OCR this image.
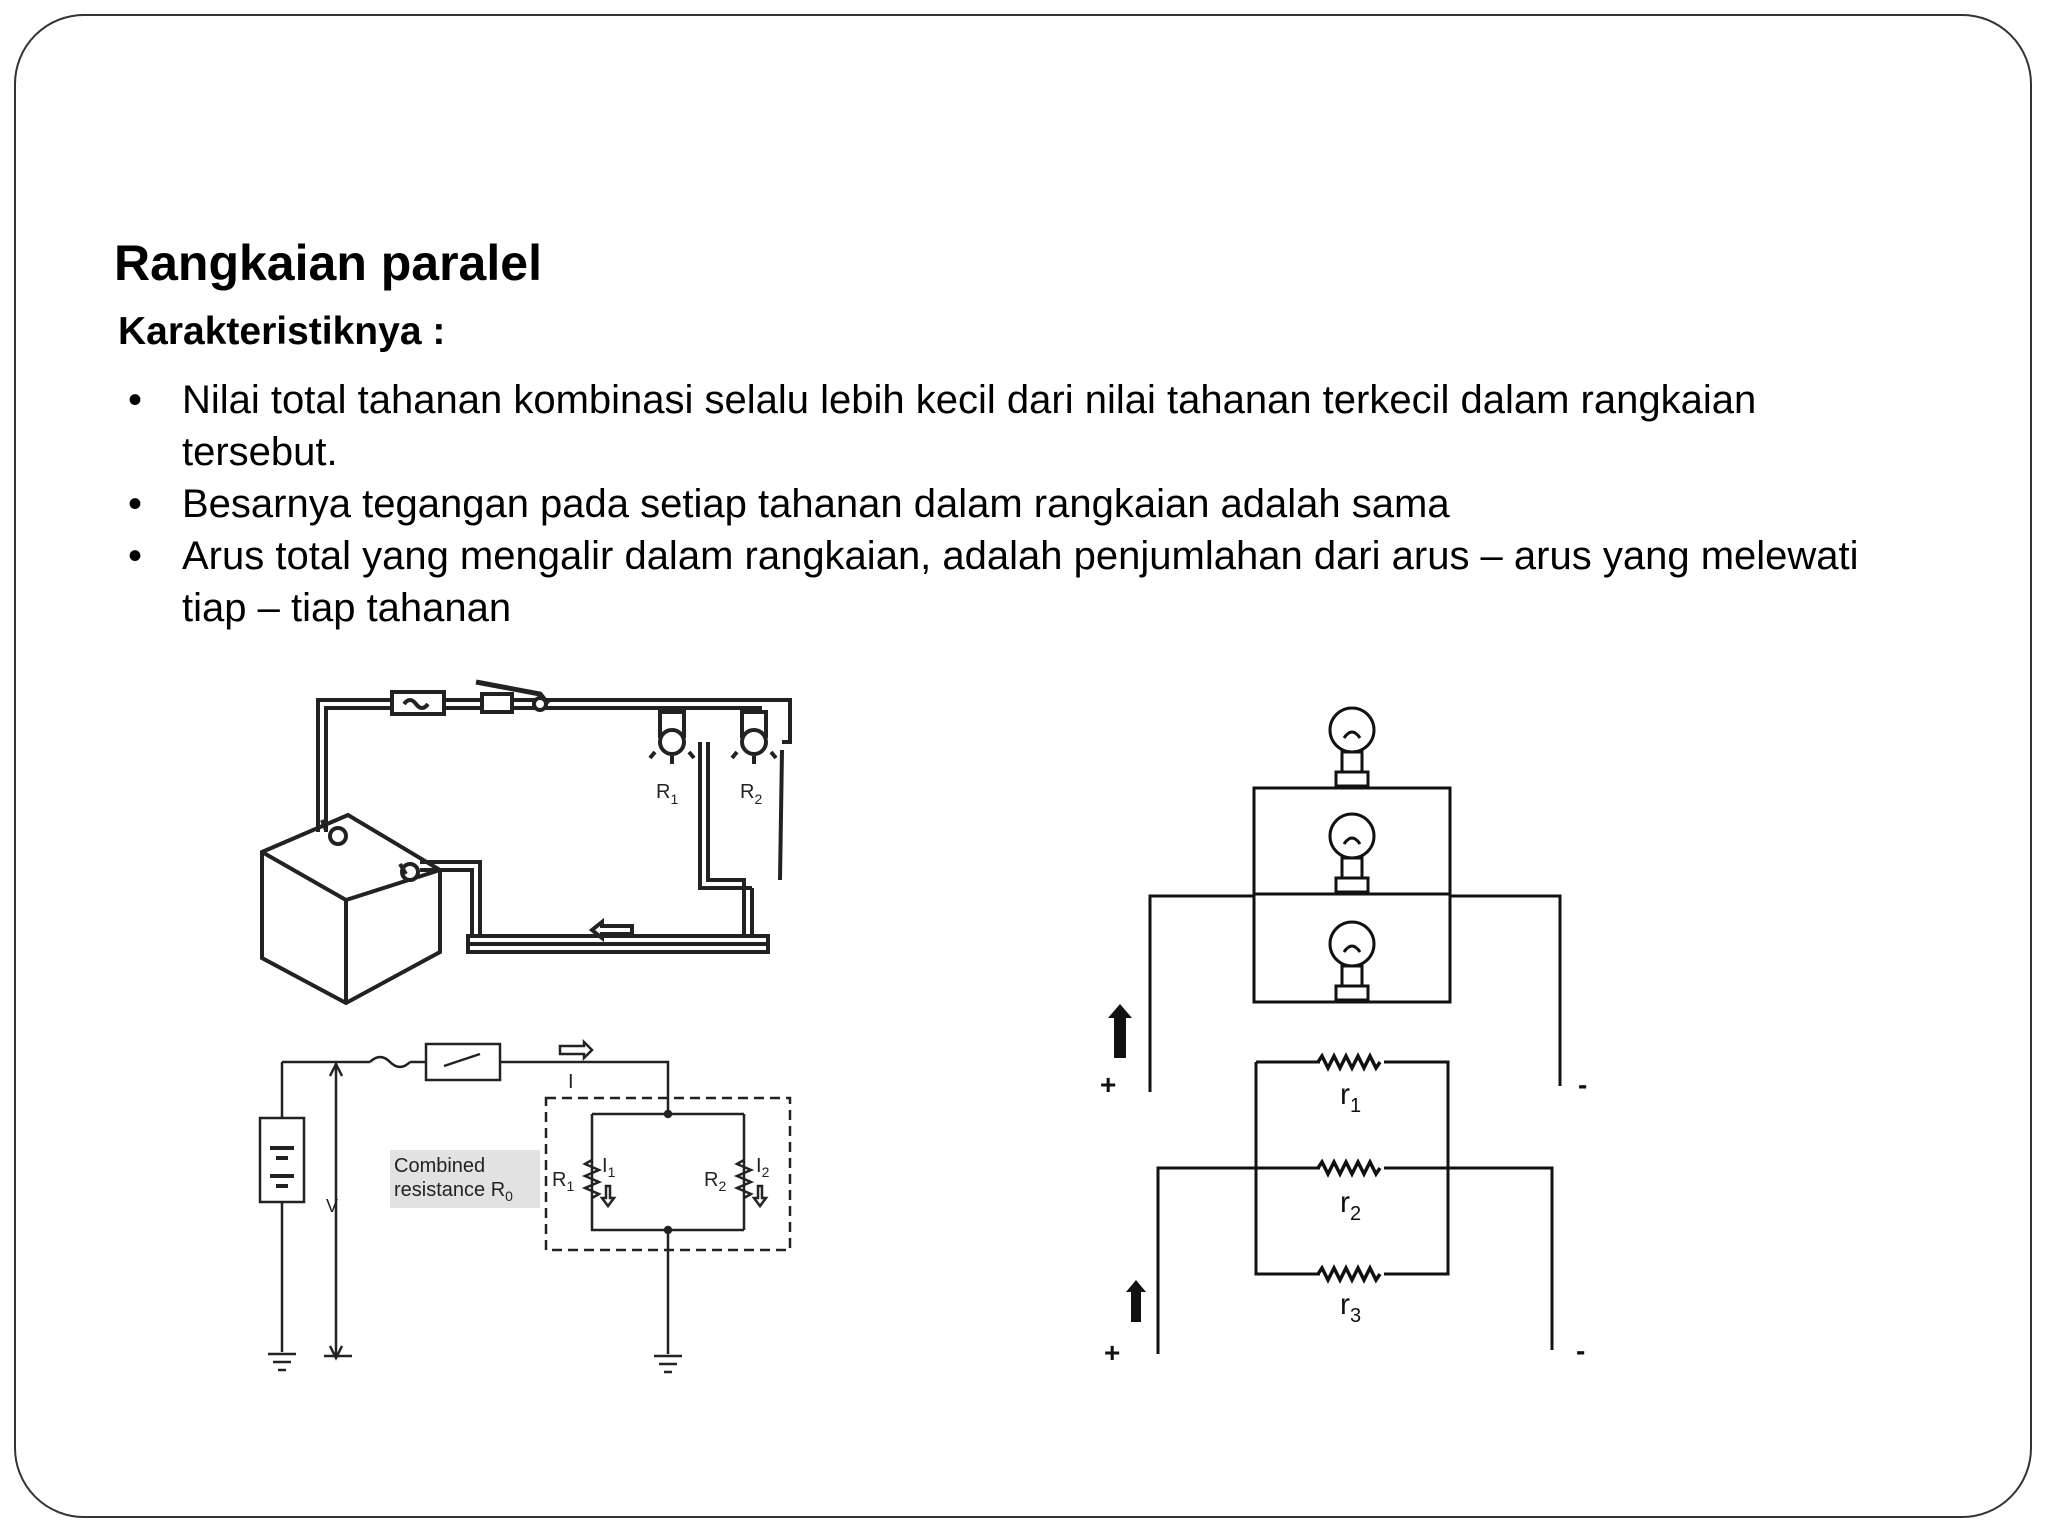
Rangkaian paralel
Karakteristiknya :
• Nilai total tahanan kombinasi selalu lebih kecil dari nilai tahanan terkecil dalam rangkaian tersebut.
• Besarnya tegangan pada setiap tahanan dalam rangkaian adalah sama
• Arus total yang mengalir dalam rangkaian, adalah penjumlahan dari arus – arus yang melewati tiap – tiap tahanan
$R_1$	$R_2$
Combined resistance $R_0$
I
V
$R_1$
$I_1$	$R_2$
$I_2$
+	-
+	-
$r_1$
$r_2$
$r_3$
